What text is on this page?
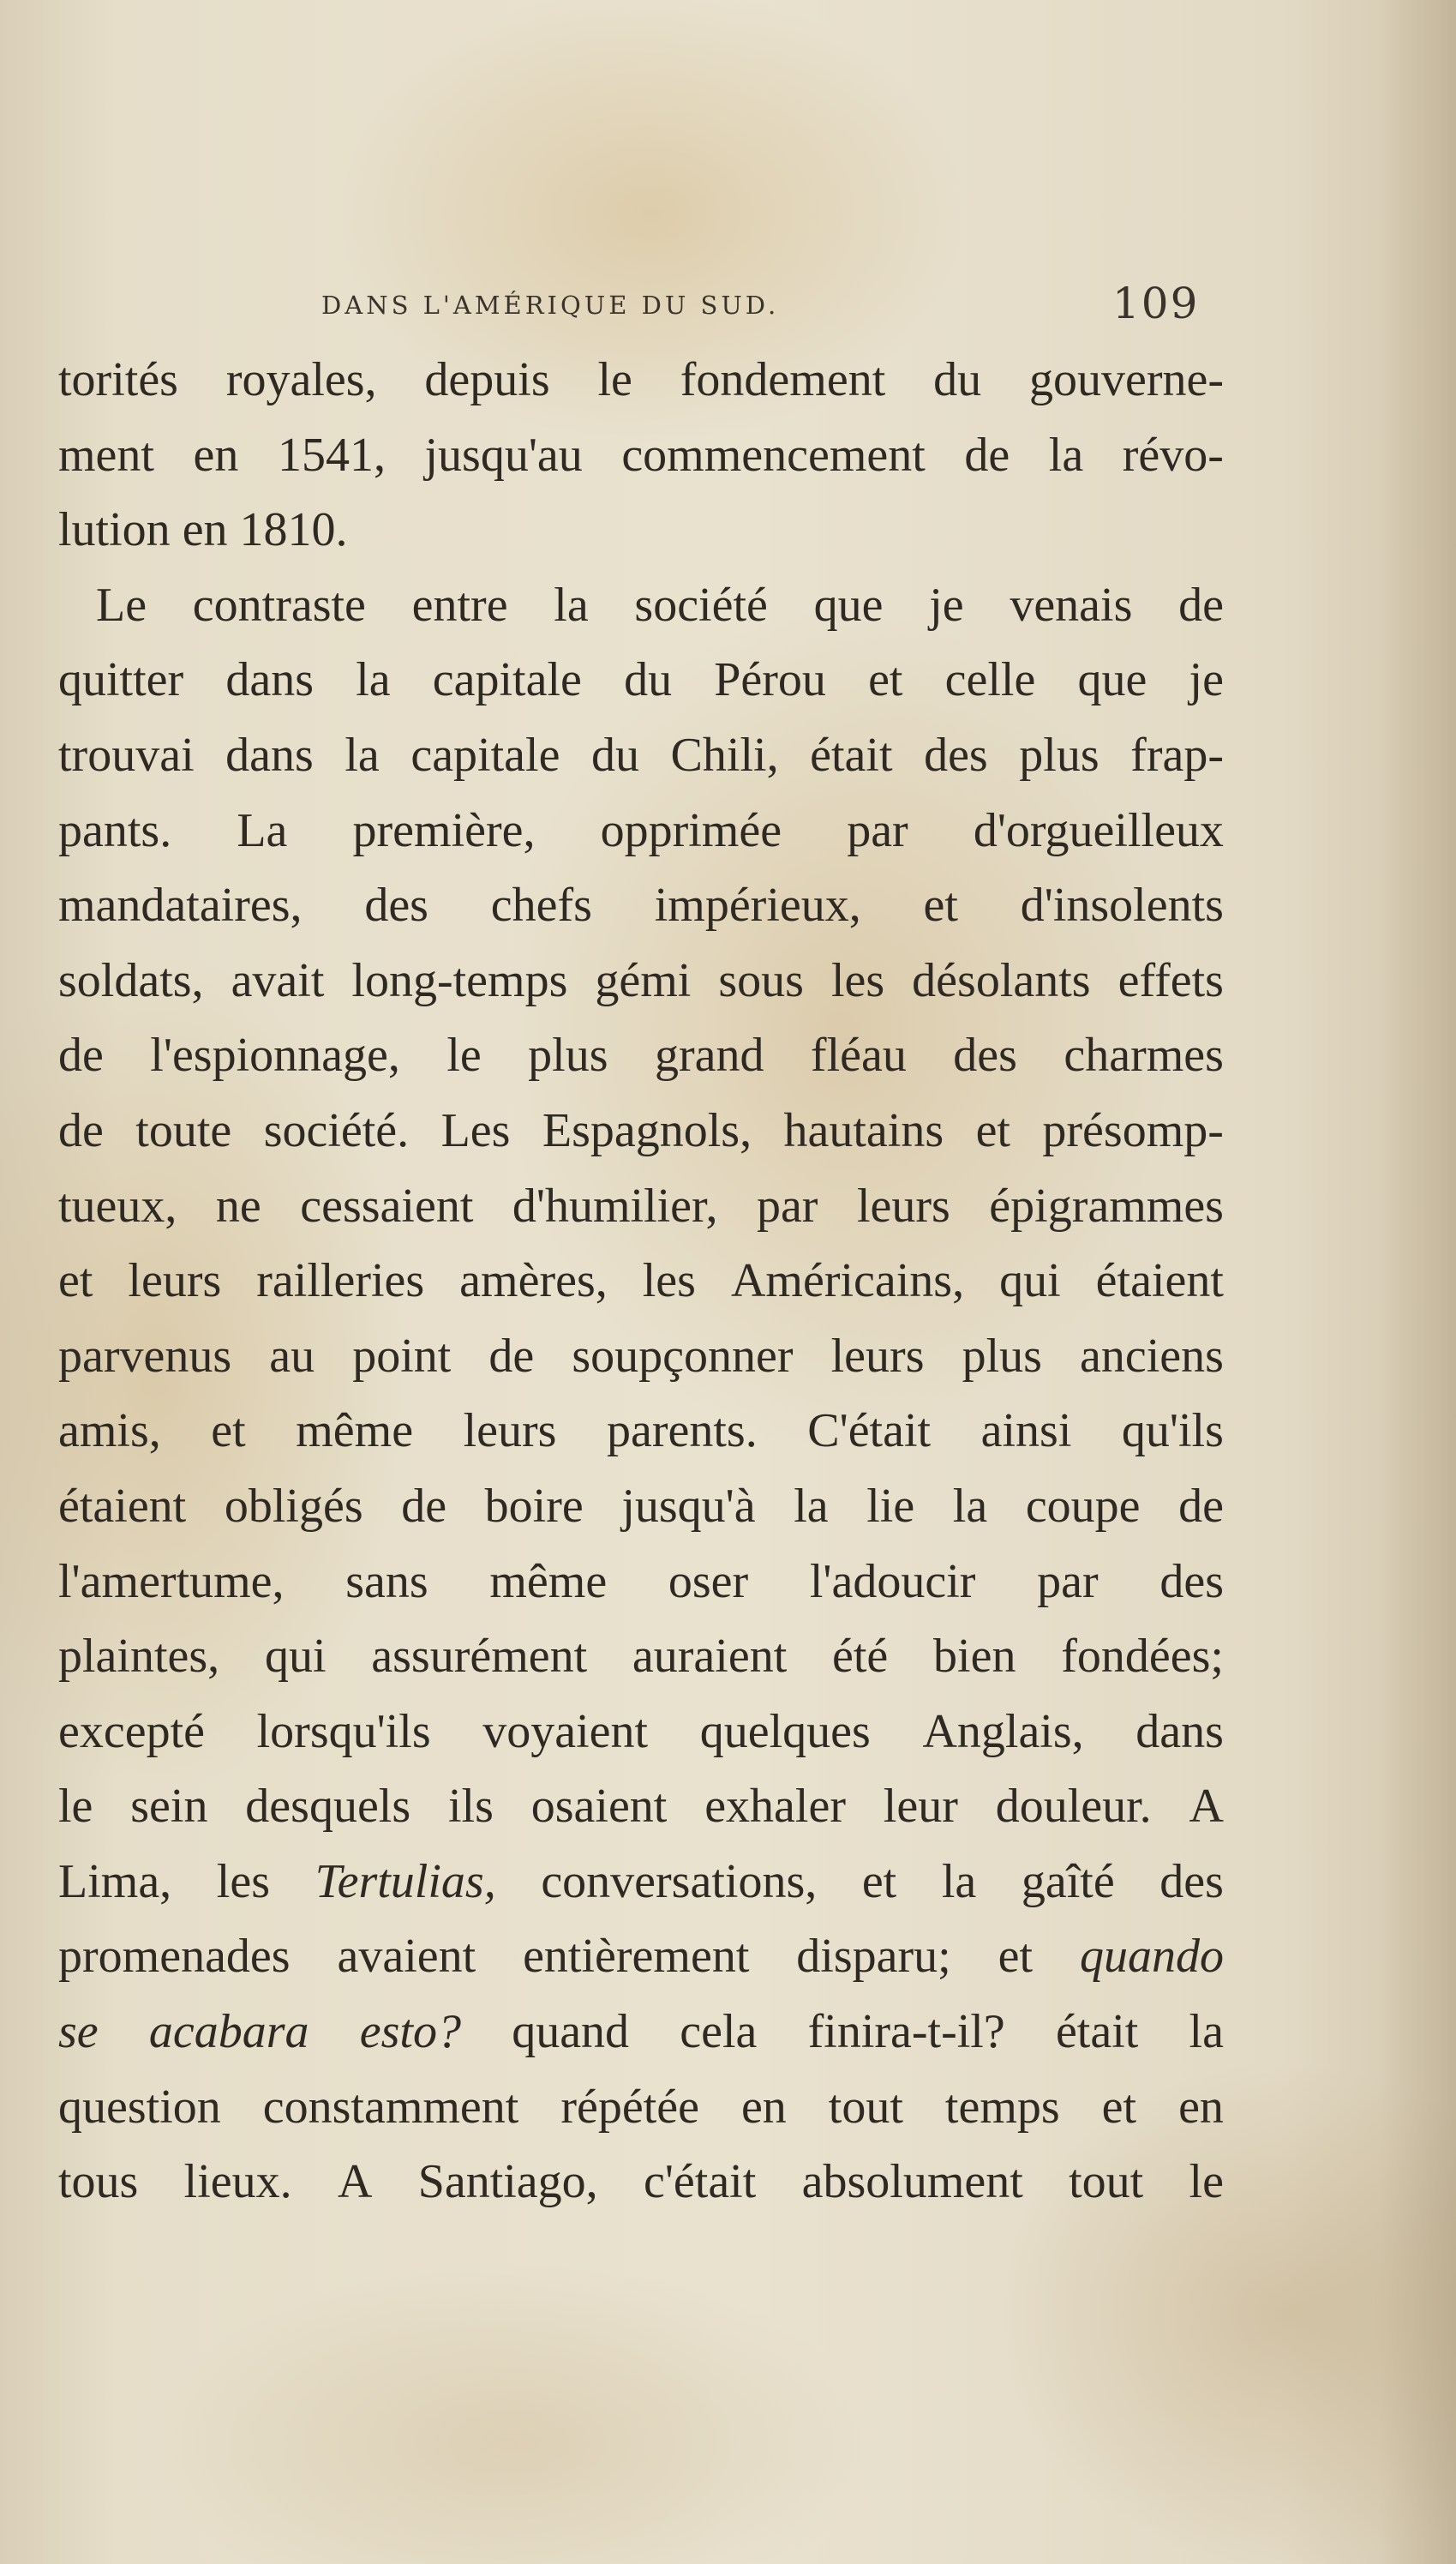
DANS L'AMÉRIQUE DU SUD.	109
torités royales, depuis le fondement du gouverne-
ment en 1541, jusqu'au commencement de la révo-
lution
en
1810.
Le contraste entre la société que je venais de
quitter dans la capitale du Pérou et celle que je
trouvai dans la capitale du Chili, était des plus frap-
pants. La première, opprimée par d'orgueilleux
mandataires, des chefs impérieux, et d'insolents
soldats, avait long-temps gémi sous les désolants effets
de l'espionnage, le plus grand fléau des charmes
de toute société. Les Espagnols, hautains et présomp-
tueux, ne cessaient d'humilier, par leurs épigrammes
et leurs railleries amères, les Américains, qui étaient
parvenus au point de soupçonner leurs plus anciens
amis, et même leurs parents. C'était ainsi qu'ils
étaient obligés de boire jusqu'à la lie la coupe de
l'amertume, sans même oser l'adoucir par des
plaintes, qui assurément auraient été bien fondées;
excepté lorsqu'ils voyaient quelques Anglais, dans
le sein desquels ils osaient exhaler leur douleur. A
Lima, les Tertulias, conversations, et la gaîté des
promenades avaient entièrement disparu; et quando
se acabara esto? quand cela finira-t-il? était la
question constamment répétée en tout temps et en
tous lieux. A Santiago, c'était absolument tout le
